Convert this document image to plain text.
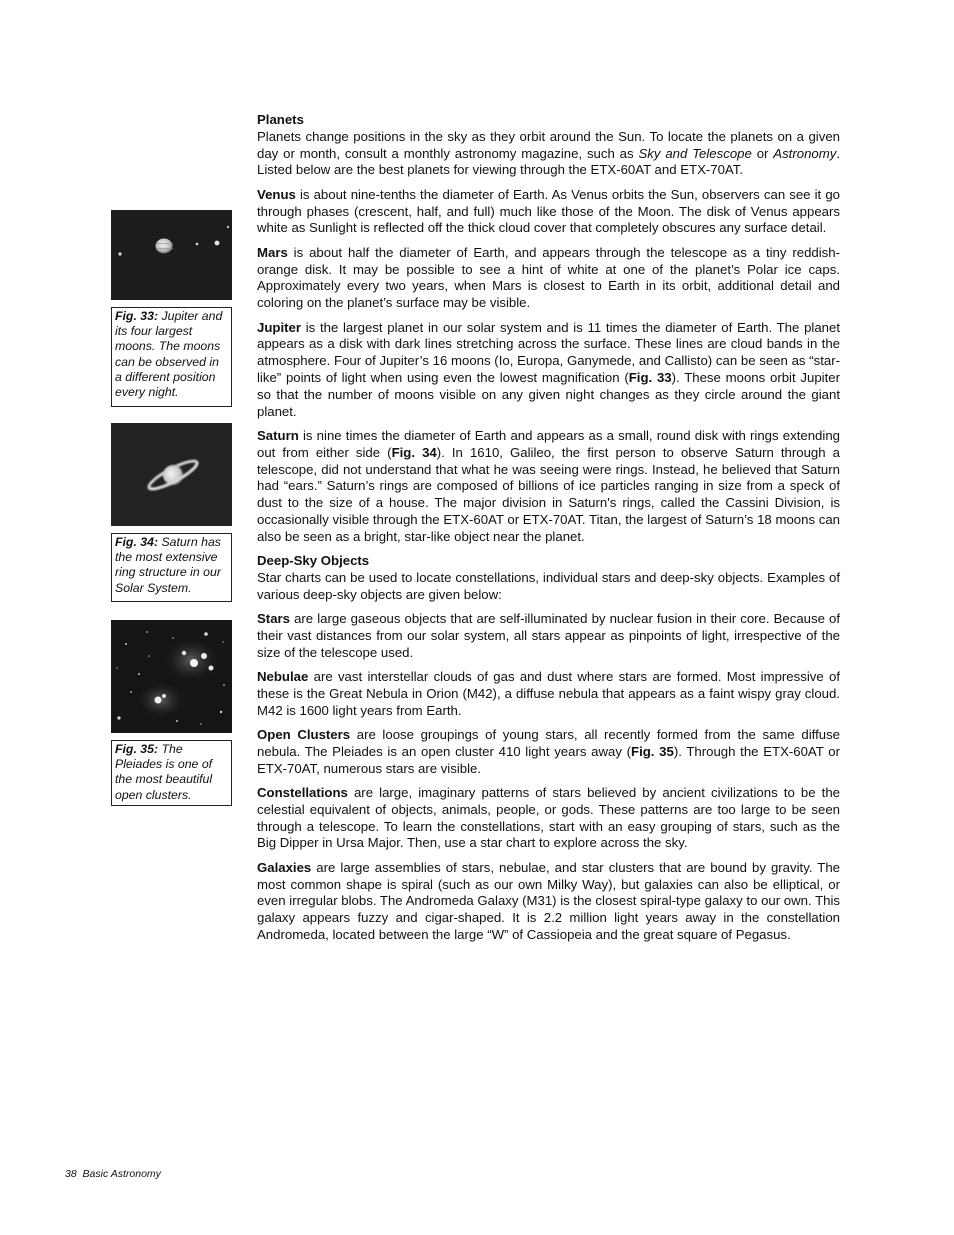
Fig. 33: Jupiter and its four largest moons. The moons can be observed in a different position every night.
Fig. 34: Saturn has the most extensive ring structure in our Solar System.
Fig. 35: The Pleiades is one of the most beautiful open clusters.
Planets

Planets change positions in the sky as they orbit around the Sun. To locate the planets on a given day or month, consult a monthly astronomy magazine, such as Sky and Telescope or Astronomy. Listed below are the best planets for viewing through the ETX-60AT and ETX-70AT.

Venus is about nine-tenths the diameter of Earth. As Venus orbits the Sun, observers can see it go through phases (crescent, half, and full) much like those of the Moon. The disk of Venus appears white as Sunlight is reflected off the thick cloud cover that completely obscures any surface detail.

Mars is about half the diameter of Earth, and appears through the telescope as a tiny reddish-orange disk. It may be possible to see a hint of white at one of the planet’s Polar ice caps. Approximately every two years, when Mars is closest to Earth in its orbit, additional detail and coloring on the planet’s surface may be visible.

Jupiter is the largest planet in our solar system and is 11 times the diameter of Earth. The planet appears as a disk with dark lines stretching across the surface. These lines are cloud bands in the atmosphere. Four of Jupiter’s 16 moons (Io, Europa, Ganymede, and Callisto) can be seen as “star-like” points of light when using even the lowest magnification (Fig. 33). These moons orbit Jupiter so that the number of moons visible on any given night changes as they circle around the giant planet.

Saturn is nine times the diameter of Earth and appears as a small, round disk with rings extending out from either side (Fig. 34). In 1610, Galileo, the first person to observe Saturn through a telescope, did not understand that what he was seeing were rings. Instead, he believed that Saturn had “ears.” Saturn’s rings are composed of billions of ice particles ranging in size from a speck of dust to the size of a house. The major division in Saturn's rings, called the Cassini Division, is occasionally visible through the ETX-60AT or ETX-70AT. Titan, the largest of Saturn’s 18 moons can also be seen as a bright, star-like object near the planet.

Deep-Sky Objects

Star charts can be used to locate constellations, individual stars and deep-sky objects. Examples of various deep-sky objects are given below:

Stars are large gaseous objects that are self-illuminated by nuclear fusion in their core. Because of their vast distances from our solar system, all stars appear as pinpoints of light, irrespective of the size of the telescope used.

Nebulae are vast interstellar clouds of gas and dust where stars are formed. Most impressive of these is the Great Nebula in Orion (M42), a diffuse nebula that appears as a faint wispy gray cloud. M42 is 1600 light years from Earth.

Open Clusters are loose groupings of young stars, all recently formed from the same diffuse nebula. The Pleiades is an open cluster 410 light years away (Fig. 35). Through the ETX-60AT or ETX-70AT, numerous stars are visible.

Constellations are large, imaginary patterns of stars believed by ancient civilizations to be the celestial equivalent of objects, animals, people, or gods. These patterns are too large to be seen through a telescope. To learn the constellations, start with an easy grouping of stars, such as the Big Dipper in Ursa Major. Then, use a star chart to explore across the sky.

Galaxies are large assemblies of stars, nebulae, and star clusters that are bound by gravity. The most common shape is spiral (such as our own Milky Way), but galaxies can also be elliptical, or even irregular blobs. The Andromeda Galaxy (M31) is the closest spiral-type galaxy to our own. This galaxy appears fuzzy and cigar-shaped. It is 2.2 million light years away in the constellation Andromeda, located between the large “W” of Cassiopeia and the great square of Pegasus.

38 Basic Astronomy
